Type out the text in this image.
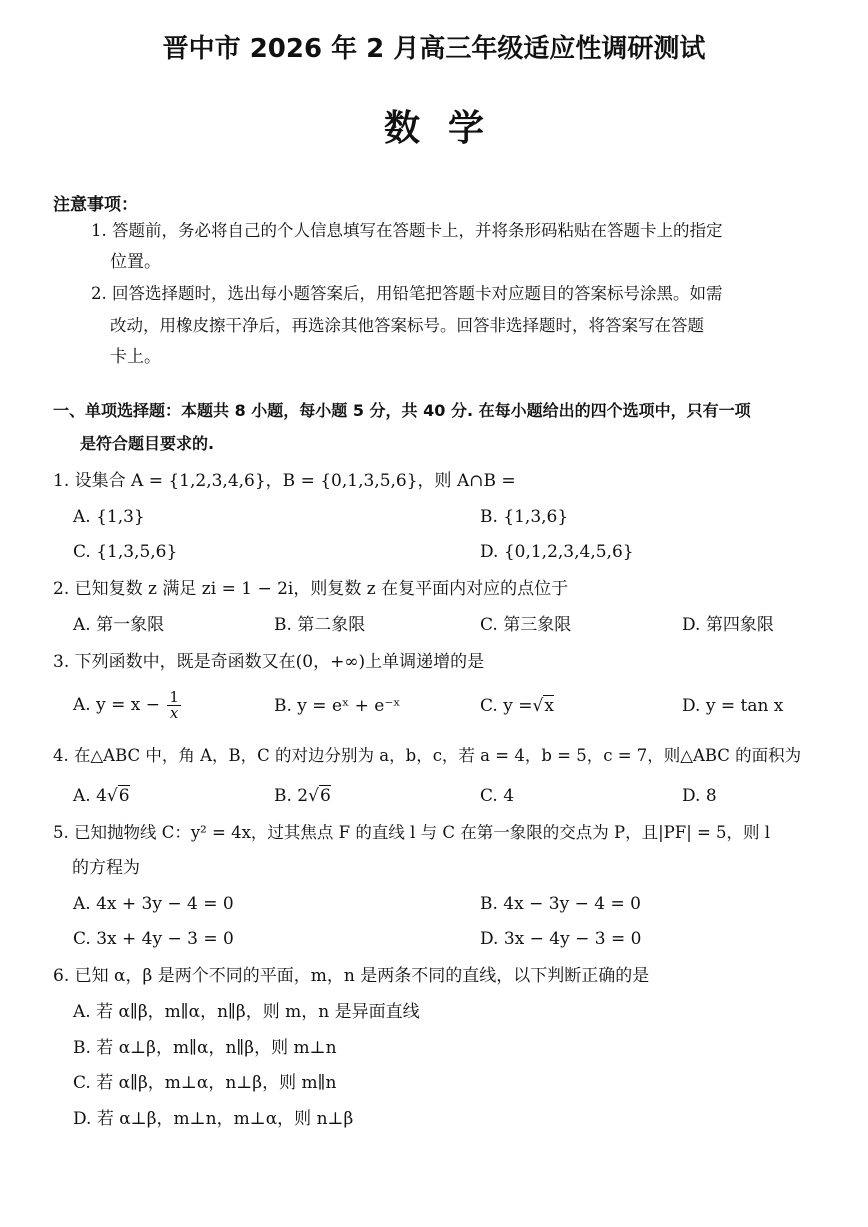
晋中市 2026 年 2 月高三年级适应性调研测试
数学
注意事项：
1. 答题前，务必将自己的个人信息填写在答题卡上，并将条形码粘贴在答题卡上的指定
位置。
2. 回答选择题时，选出每小题答案后，用铅笔把答题卡对应题目的答案标号涂黑。如需
改动，用橡皮擦干净后，再选涂其他答案标号。回答非选择题时，将答案写在答题
卡上。
一、单项选择题：本题共 8 小题，每小题 5 分，共 40 分. 在每小题给出的四个选项中，只有一项
是符合题目要求的.
1. 设集合 A = {1,2,3,4,6}，B = {0,1,3,5,6}，则 A∩B =
A. {1,3}	B. {1,3,6}
C. {1,3,5,6}	D. {0,1,2,3,4,5,6}
2. 已知复数 z 满足 zi = 1 − 2i，则复数 z 在复平面内对应的点位于
A. 第一象限	B. 第二象限	C. 第三象限	D. 第四象限
3. 下列函数中，既是奇函数又在(0，+∞)上单调递增的是
A. $y = x - \frac{1}{x}$	B. y = eˣ + e⁻ˣ	C. y =√x	D. y = tan x
4. 在△ABC 中，角 A，B，C 的对边分别为 a，b，c，若 a = 4，b = 5，c = 7，则△ABC 的面积为
A. 4√6	B. 2√6	C. 4	D. 8
5. 已知抛物线 C：y² = 4x，过其焦点 F 的直线 l 与 C 在第一象限的交点为 P，且|PF| = 5，则 l
的方程为
A. 4x + 3y − 4 = 0	B. 4x − 3y − 4 = 0
C. 3x + 4y − 3 = 0	D. 3x − 4y − 3 = 0
6. 已知 α，β 是两个不同的平面，m，n 是两条不同的直线，以下判断正确的是
A. 若 α∥β，m∥α，n∥β，则 m，n 是异面直线
B. 若 α⊥β，m∥α，n∥β，则 m⊥n
C. 若 α∥β，m⊥α，n⊥β，则 m∥n
D. 若 α⊥β，m⊥n，m⊥α，则 n⊥β
